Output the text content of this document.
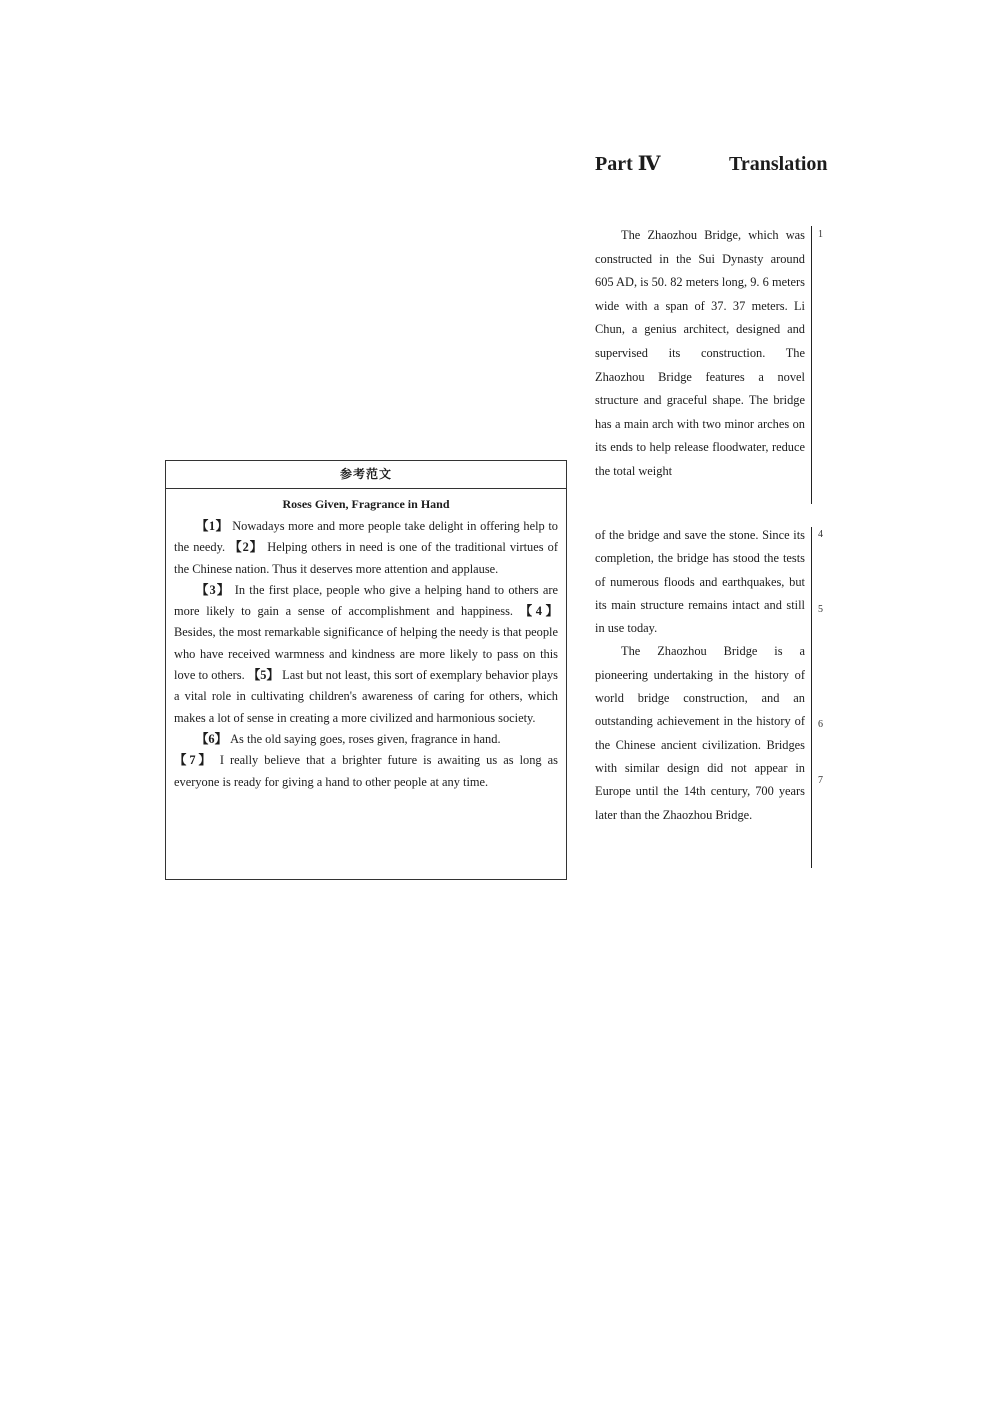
参考范文
Roses Given, Fragrance in Hand

【1】 Nowadays more and more people take delight in offering help to the needy. 【2】 Helping others in need is one of the traditional virtues of the Chinese nation. Thus it deserves more attention and applause.

【3】 In the first place, people who give a helping hand to others are more likely to gain a sense of accomplishment and happiness. 【4】 Besides, the most remarkable significance of helping the needy is that people who have received warmness and kindness are more likely to pass on this love to others. 【5】 Last but not least, this sort of exemplary behavior plays a vital role in cultivating children's awareness of caring for others, which makes a lot of sense in creating a more civilized and harmonious society.

【6】 As the old saying goes, roses given, fragrance in hand.

【7】 I really believe that a brighter future is awaiting us as long as everyone is ready for giving a hand to other people at any time.

Part Ⅳ	Translation

The Zhaozhou Bridge, which was constructed in the Sui Dynasty around 605 AD, is 50. 82 meters long, 9. 6 meters wide with a span of 37. 37 meters. Li Chun, a genius architect, designed and supervised its construction. The Zhaozhou Bridge features a novel structure and graceful shape. The bridge has a main arch with two minor arches on its ends to help release floodwater, reduce the total weight

of the bridge and save the stone. Since its completion, the bridge has stood the tests of numerous floods and earthquakes, but its main structure remains intact and still in use today.

The Zhaozhou Bridge is a pioneering undertaking in the history of world bridge construction, and an outstanding achievement in the history of the Chinese ancient civilization. Bridges with similar design did not appear in Europe until the 14th century, 700 years later than the Zhaozhou Bridge.

1
4
5
6
7
